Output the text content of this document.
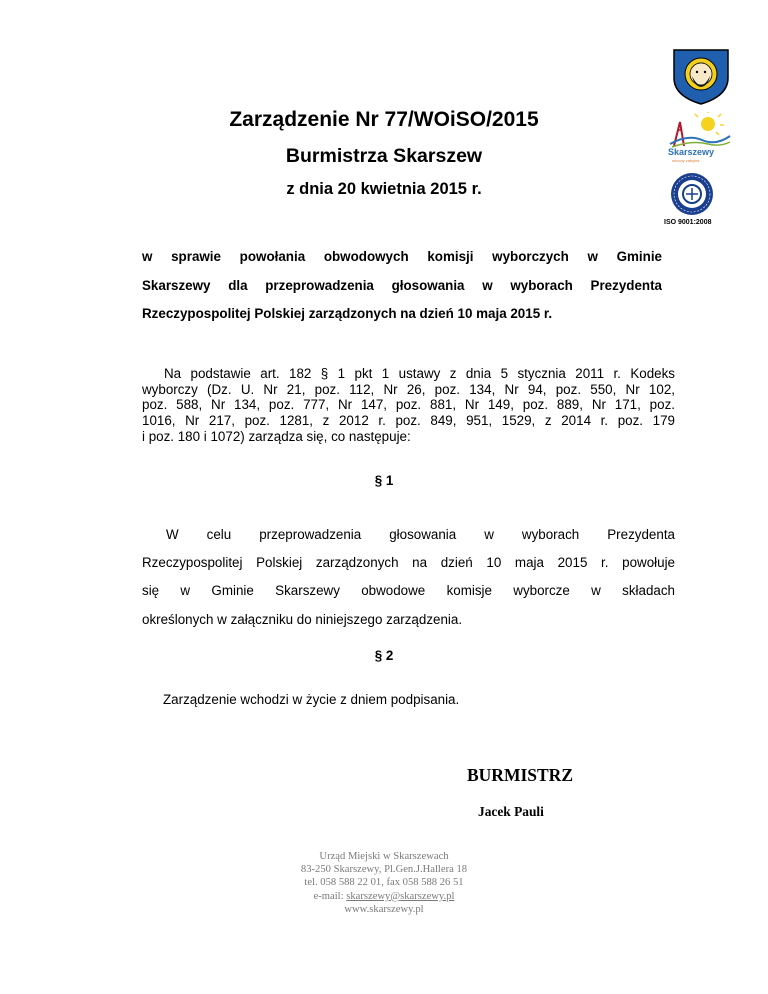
Skarszewy
wrocay zabytek
ISO 9001:2008
Zarządzenie Nr 77/WOiSO/2015
Burmistrza Skarszew
z dnia 20 kwietnia 2015 r.
w sprawie powołania obwodowych komisji wyborczych w Gminie
Skarszewy dla przeprowadzenia głosowania w wyborach Prezydenta
Rzeczypospolitej Polskiej zarządzonych na dzień 10 maja 2015 r.
Na podstawie art. 182 § 1 pkt 1 ustawy z dnia 5 stycznia 2011 r. Kodeks
wyborczy (Dz. U. Nr 21, poz. 112, Nr 26, poz. 134, Nr 94, poz. 550, Nr 102,
poz. 588, Nr 134, poz. 777, Nr 147, poz. 881, Nr 149, poz. 889, Nr 171, poz.
1016, Nr 217, poz. 1281, z 2012 r. poz. 849, 951, 1529, z 2014 r. poz. 179
i poz. 180 i 1072) zarządza się, co następuje:
§ 1
W celu przeprowadzenia głosowania w wyborach Prezydenta
Rzeczypospolitej Polskiej zarządzonych na dzień 10 maja 2015 r. powołuje
się w Gminie Skarszewy obwodowe komisje wyborcze w składach
określonych w załączniku do niniejszego zarządzenia.
§ 2
Zarządzenie wchodzi w życie z dniem podpisania.
BURMISTRZ
Jacek Pauli
Urząd Miejski w Skarszewach
83-250 Skarszewy, Pl.Gen.J.Hallera 18
tel. 058 588 22 01, fax 058 588 26 51
e-mail: skarszewy@skarszewy.pl
www.skarszewy.pl
